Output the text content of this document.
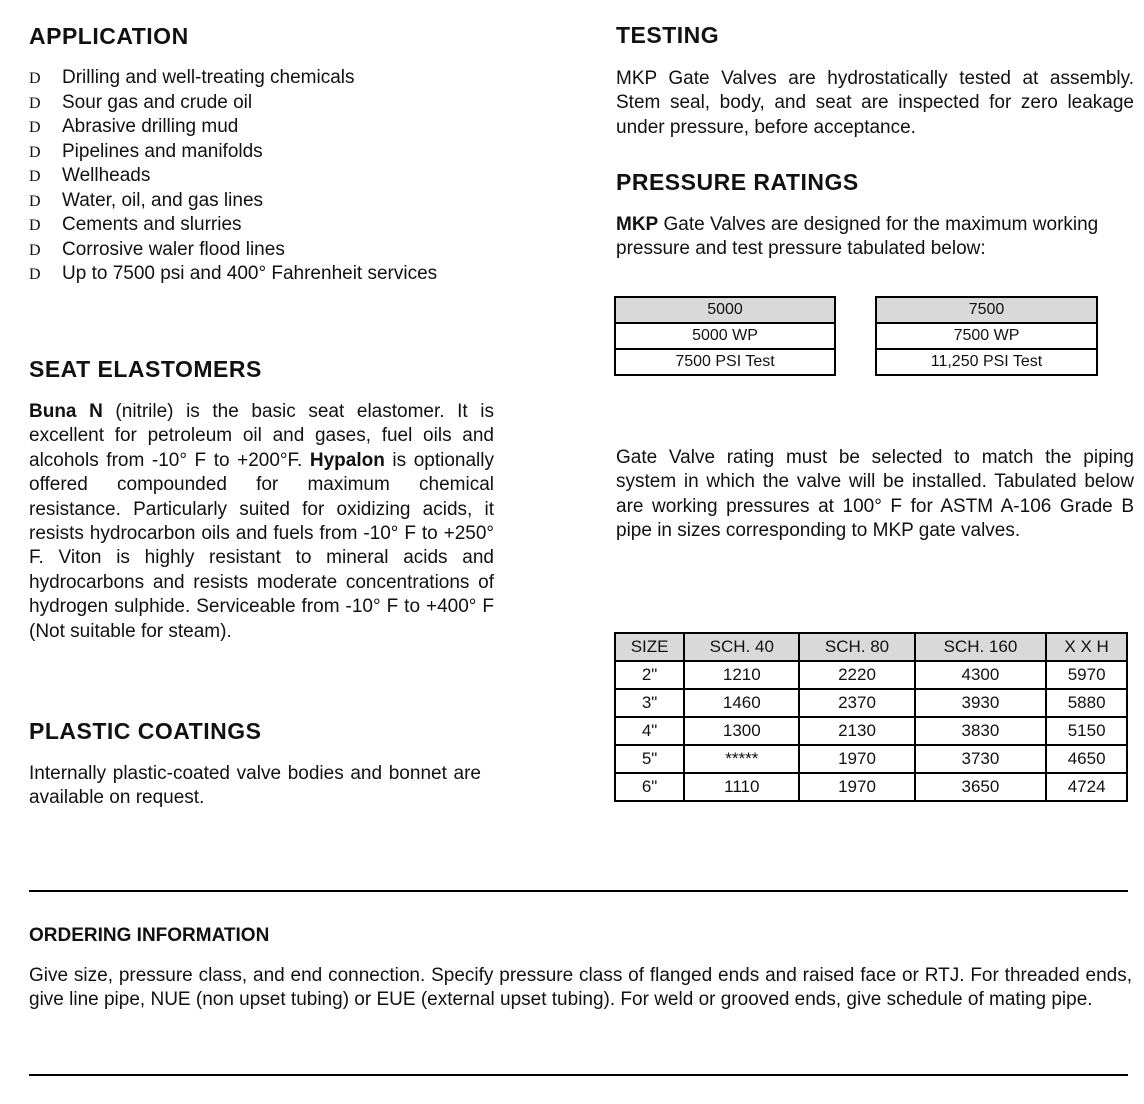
APPLICATION
D Drilling and well-treating chemicals
D Sour gas and crude oil
D Abrasive drilling mud
D Pipelines and manifolds
D Wellheads
D Water, oil, and gas lines
D Cements and slurries
D Corrosive waler flood lines
D Up to 7500 psi and 400° Fahrenheit services
SEAT ELASTOMERS

Buna N (nitrile) is the basic seat elastomer. It is excellent for petroleum oil and gases, fuel oils and alcohols from -10° F to +200°F. Hypalon is optionally offered compounded for maximum chemical resistance. Particularly suited for oxidizing acids, it resists hydrocarbon oils and fuels from -10° F to +250° F. Viton is highly resistant to mineral acids and hydrocarbons and resists moderate concentrations of hydrogen sulphide. Serviceable from -10° F to +400° F (Not suitable for steam).

PLASTIC COATINGS

Internally plastic-coated valve bodies and bonnet are available on request.

TESTING

MKP Gate Valves are hydrostatically tested at assembly. Stem seal, body, and seat are inspected for zero leakage under pressure, before acceptance.

PRESSURE RATINGS

MKP Gate Valves are designed for the maximum working pressure and test pressure tabulated below:

5000
5000 WP
7500 PSI Test
7500
7500 WP
11,250 PSI Test

Gate Valve rating must be selected to match the piping system in which the valve will be installed. Tabulated below are working pressures at 100° F for ASTM A-106 Grade B pipe in sizes corresponding to MKP gate valves.

SIZE	SCH. 40	SCH. 80	SCH. 160	X X H
2"	1210	2220	4300	5970
3"	1460	2370	3930	5880
4"	1300	2130	3830	5150
5"	*****	1970	3730	4650
6"	1110	1970	3650	4724
ORDERING INFORMATION

Give size, pressure class, and end connection. Specify pressure class of flanged ends and raised face or RTJ. For threaded ends, give line pipe, NUE (non upset tubing) or EUE (external upset tubing). For weld or grooved ends, give schedule of mating pipe.
